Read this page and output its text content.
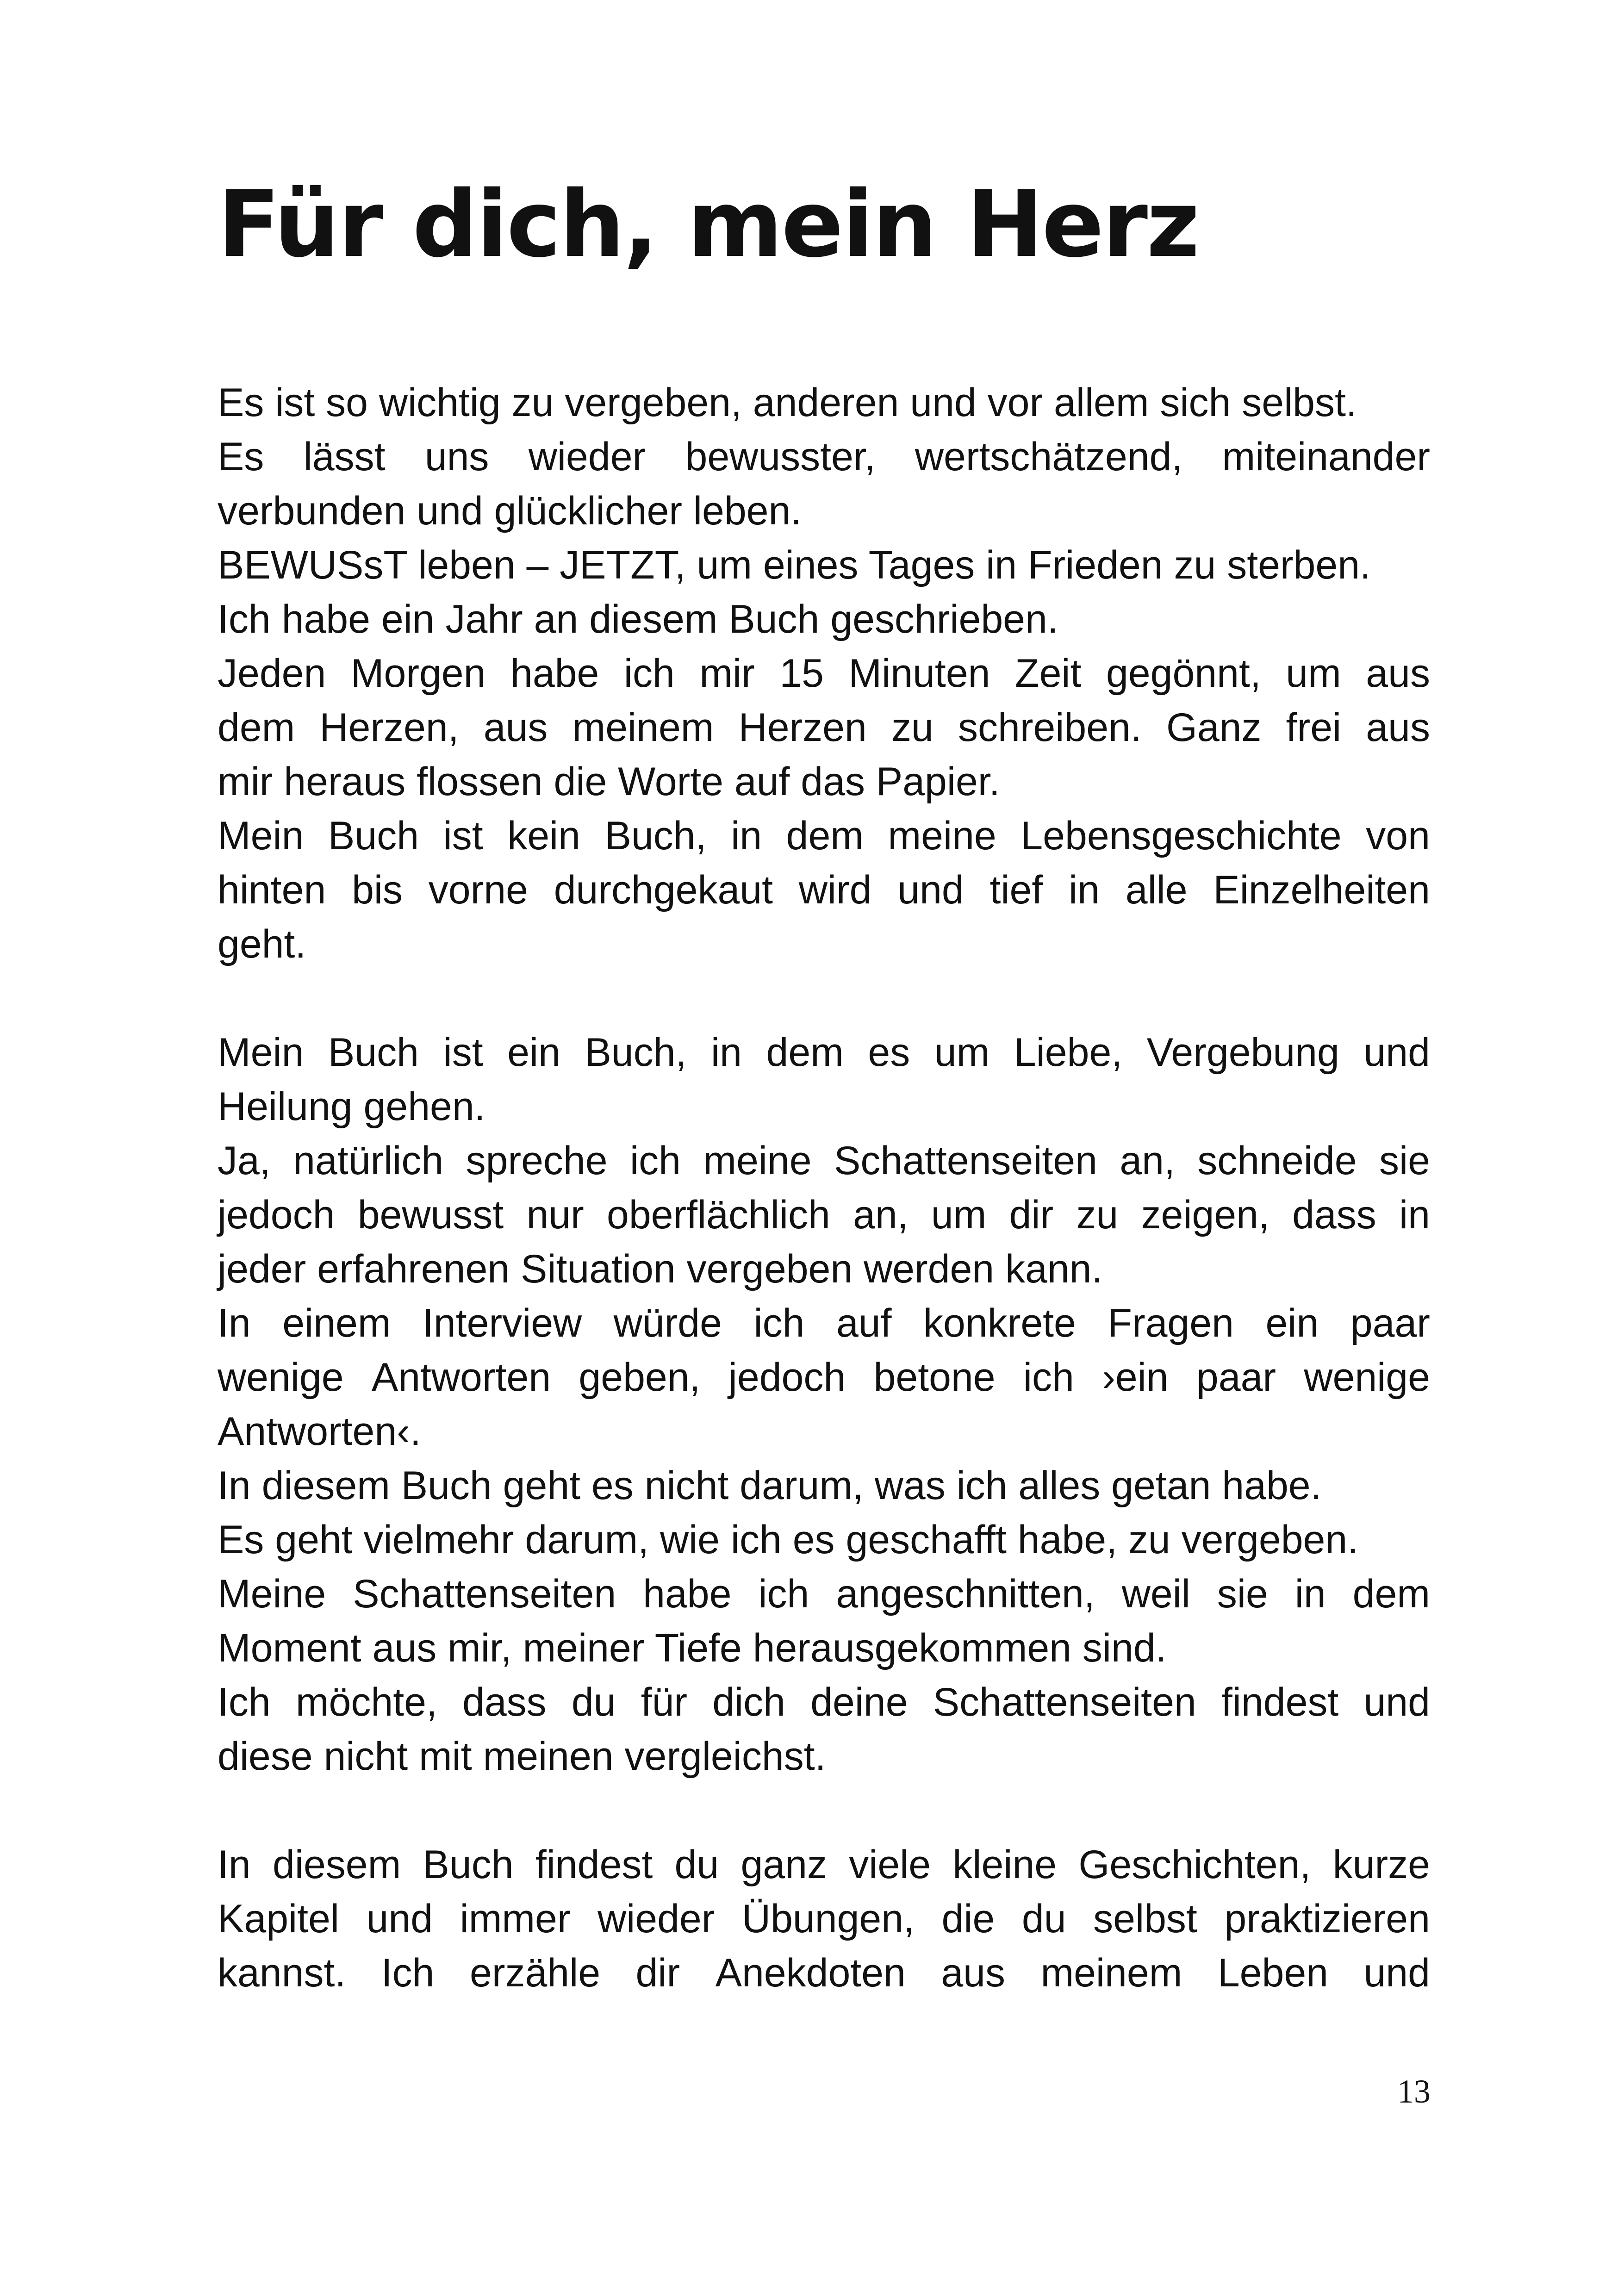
Für dich, mein Herz
Es ist so wichtig zu vergeben, anderen und vor allem sich selbst.
Es lässt uns wieder bewusster, wertschätzend, miteinander
verbunden und glücklicher leben.
BEWUSsT leben – JETZT, um eines Tages in Frieden zu sterben.
Ich habe ein Jahr an diesem Buch geschrieben.
Jeden Morgen habe ich mir 15 Minuten Zeit gegönnt, um aus
dem Herzen, aus meinem Herzen zu schreiben. Ganz frei aus
mir heraus flossen die Worte auf das Papier.
Mein Buch ist kein Buch, in dem meine Lebensgeschichte von
hinten bis vorne durchgekaut wird und tief in alle Einzelheiten
geht.
Mein Buch ist ein Buch, in dem es um Liebe, Vergebung und
Heilung gehen.
Ja, natürlich spreche ich meine Schattenseiten an, schneide sie
jedoch bewusst nur oberflächlich an, um dir zu zeigen, dass in
jeder erfahrenen Situation vergeben werden kann.
In einem Interview würde ich auf konkrete Fragen ein paar
wenige Antworten geben, jedoch betone ich ›ein paar wenige
Antworten‹.
In diesem Buch geht es nicht darum, was ich alles getan habe.
Es geht vielmehr darum, wie ich es geschafft habe, zu vergeben.
Meine Schattenseiten habe ich angeschnitten, weil sie in dem
Moment aus mir, meiner Tiefe herausgekommen sind.
Ich möchte, dass du für dich deine Schattenseiten findest und
diese nicht mit meinen vergleichst.
In diesem Buch findest du ganz viele kleine Geschichten, kurze
Kapitel und immer wieder Übungen, die du selbst praktizieren
kannst. Ich erzähle dir Anekdoten aus meinem Leben und
13
